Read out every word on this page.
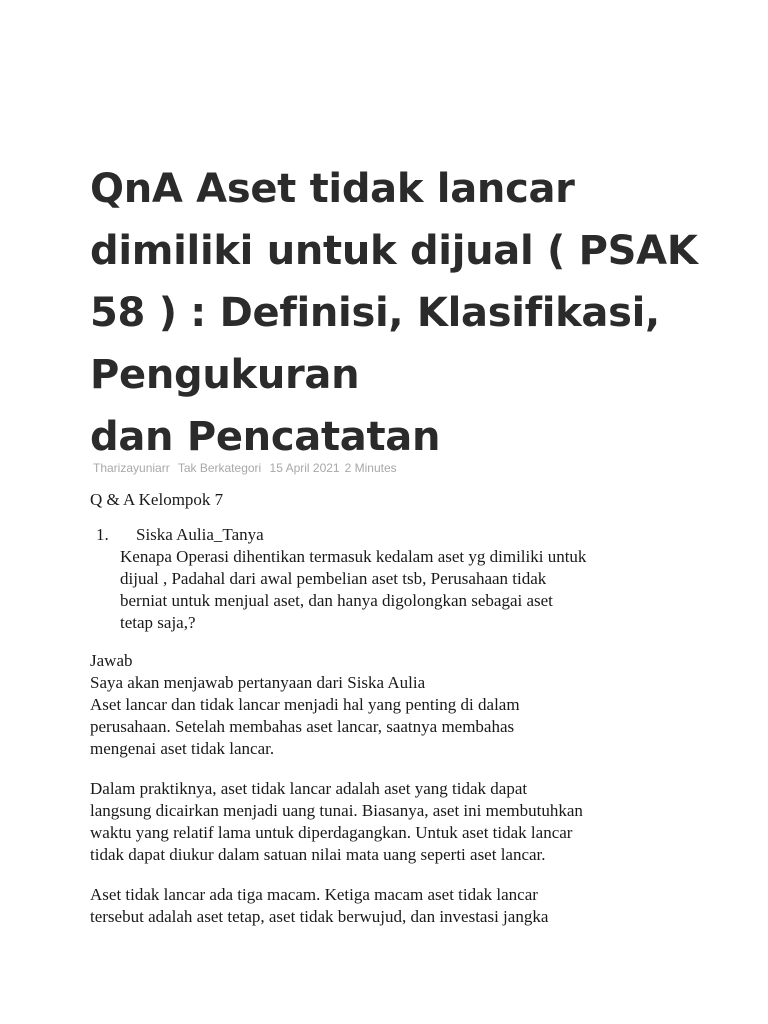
QnA Aset tidak lancar
dimiliki untuk dijual ( PSAK
58 ) : Definisi, Klasifikasi,
Pengukuran
dan Pencatatan
Tharizayuniarr Tak Berkategori 15 April 2021 2 Minutes

Q & A Kelompok 7

1. Siska Aulia_Tanya
Kenapa Operasi dihentikan termasuk kedalam aset yg dimiliki untuk
dijual , Padahal dari awal pembelian aset tsb, Perusahaan tidak
berniat untuk menjual aset, dan hanya digolongkan sebagai aset
tetap saja,?

Jawab
Saya akan menjawab pertanyaan dari Siska Aulia
Aset lancar dan tidak lancar menjadi hal yang penting di dalam
perusahaan. Setelah membahas aset lancar, saatnya membahas
mengenai aset tidak lancar.

Dalam praktiknya, aset tidak lancar adalah aset yang tidak dapat
langsung dicairkan menjadi uang tunai. Biasanya, aset ini membutuhkan
waktu yang relatif lama untuk diperdagangkan. Untuk aset tidak lancar
tidak dapat diukur dalam satuan nilai mata uang seperti aset lancar.

Aset tidak lancar ada tiga macam. Ketiga macam aset tidak lancar
tersebut adalah aset tetap, aset tidak berwujud, dan investasi jangka
